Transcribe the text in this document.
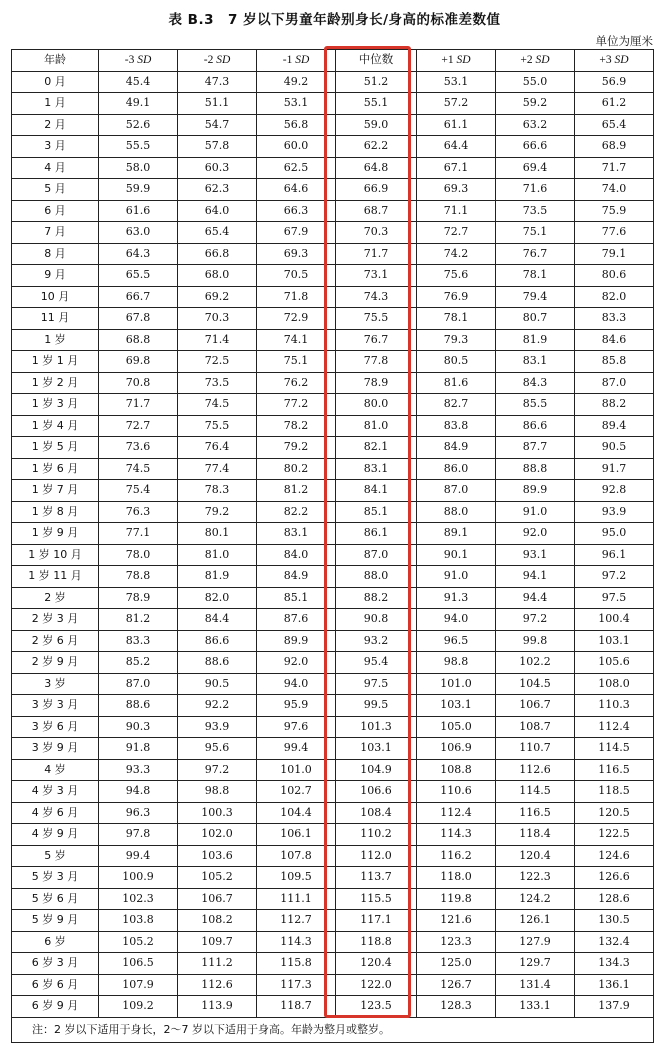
表 B.3　7 岁以下男童年龄别身长/身高的标准差数值
单位为厘米
年龄	-3 SD	-2 SD	-1 SD	中位数	+1 SD	+2 SD	+3 SD
0 月	45.4	47.3	49.2	51.2	53.1	55.0	56.9
1 月	49.1	51.1	53.1	55.1	57.2	59.2	61.2
2 月	52.6	54.7	56.8	59.0	61.1	63.2	65.4
3 月	55.5	57.8	60.0	62.2	64.4	66.6	68.9
4 月	58.0	60.3	62.5	64.8	67.1	69.4	71.7
5 月	59.9	62.3	64.6	66.9	69.3	71.6	74.0
6 月	61.6	64.0	66.3	68.7	71.1	73.5	75.9
7 月	63.0	65.4	67.9	70.3	72.7	75.1	77.6
8 月	64.3	66.8	69.3	71.7	74.2	76.7	79.1
9 月	65.5	68.0	70.5	73.1	75.6	78.1	80.6
10 月	66.7	69.2	71.8	74.3	76.9	79.4	82.0
11 月	67.8	70.3	72.9	75.5	78.1	80.7	83.3
1 岁	68.8	71.4	74.1	76.7	79.3	81.9	84.6
1 岁 1 月	69.8	72.5	75.1	77.8	80.5	83.1	85.8
1 岁 2 月	70.8	73.5	76.2	78.9	81.6	84.3	87.0
1 岁 3 月	71.7	74.5	77.2	80.0	82.7	85.5	88.2
1 岁 4 月	72.7	75.5	78.2	81.0	83.8	86.6	89.4
1 岁 5 月	73.6	76.4	79.2	82.1	84.9	87.7	90.5
1 岁 6 月	74.5	77.4	80.2	83.1	86.0	88.8	91.7
1 岁 7 月	75.4	78.3	81.2	84.1	87.0	89.9	92.8
1 岁 8 月	76.3	79.2	82.2	85.1	88.0	91.0	93.9
1 岁 9 月	77.1	80.1	83.1	86.1	89.1	92.0	95.0
1 岁 10 月	78.0	81.0	84.0	87.0	90.1	93.1	96.1
1 岁 11 月	78.8	81.9	84.9	88.0	91.0	94.1	97.2
2 岁	78.9	82.0	85.1	88.2	91.3	94.4	97.5
2 岁 3 月	81.2	84.4	87.6	90.8	94.0	97.2	100.4
2 岁 6 月	83.3	86.6	89.9	93.2	96.5	99.8	103.1
2 岁 9 月	85.2	88.6	92.0	95.4	98.8	102.2	105.6
3 岁	87.0	90.5	94.0	97.5	101.0	104.5	108.0
3 岁 3 月	88.6	92.2	95.9	99.5	103.1	106.7	110.3
3 岁 6 月	90.3	93.9	97.6	101.3	105.0	108.7	112.4
3 岁 9 月	91.8	95.6	99.4	103.1	106.9	110.7	114.5
4 岁	93.3	97.2	101.0	104.9	108.8	112.6	116.5
4 岁 3 月	94.8	98.8	102.7	106.6	110.6	114.5	118.5
4 岁 6 月	96.3	100.3	104.4	108.4	112.4	116.5	120.5
4 岁 9 月	97.8	102.0	106.1	110.2	114.3	118.4	122.5
5 岁	99.4	103.6	107.8	112.0	116.2	120.4	124.6
5 岁 3 月	100.9	105.2	109.5	113.7	118.0	122.3	126.6
5 岁 6 月	102.3	106.7	111.1	115.5	119.8	124.2	128.6
5 岁 9 月	103.8	108.2	112.7	117.1	121.6	126.1	130.5
6 岁	105.2	109.7	114.3	118.8	123.3	127.9	132.4
6 岁 3 月	106.5	111.2	115.8	120.4	125.0	129.7	134.3
6 岁 6 月	107.9	112.6	117.3	122.0	126.7	131.4	136.1
6 岁 9 月	109.2	113.9	118.7	123.5	128.3	133.1	137.9
注：2 岁以下适用于身长，2〜7 岁以下适用于身高。年龄为整月或整岁。							
